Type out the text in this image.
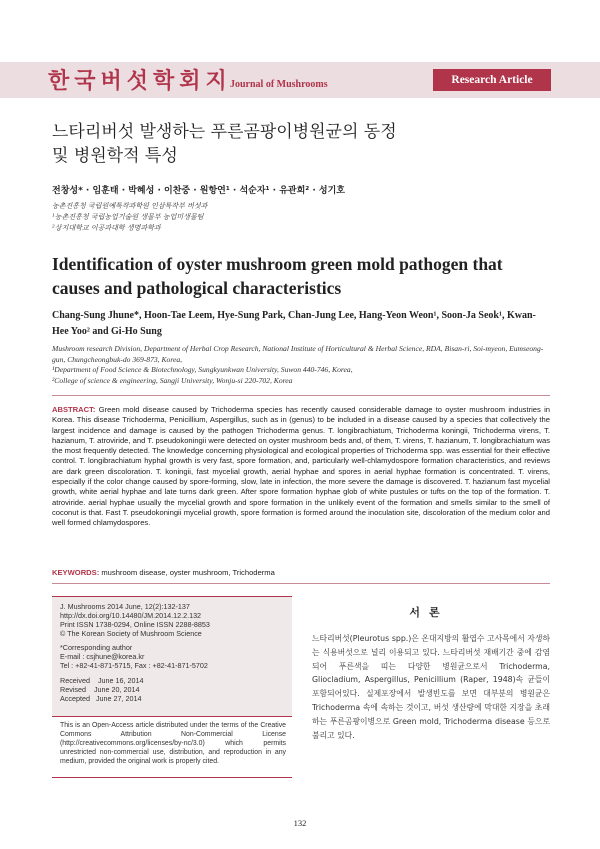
한국버섯학회지
Journal of Mushrooms	Research Article
느타리버섯 발생하는 푸른곰팡이병원균의 동정
및 병원학적 특성
전창성* · 임훈태 · 박혜성 · 이찬중 · 원항연¹ · 석순자¹ · 유관희² · 성기호
농촌진흥청 국립원예특작과학원 인삼특작부 버섯과
¹농촌진흥청 국립농업기술원 생물부 농업미생물팀
²상지대학교 이공과대학 생명과학과
Identification of oyster mushroom green mold pathogen that causes and pathological characteristics
Chang-Sung Jhune*, Hoon-Tae Leem, Hye-Sung Park, Chan-Jung Lee, Hang-Yeon Weon¹, Soon-Ja Seok¹, Kwan-Hee Yoo² and Gi-Ho Sung
Mushroom research Division, Department of Herbal Crop Research, National Institute of Horticultural & Herbal Science, RDA, Bisan-ri, Soi-myeon, Eumseong-gun, Chungcheongbuk-do 369-873, Korea,
¹Department of Food Science & Biotechnology, Sungkyunkwan University, Suwon 440-746, Korea,
²College of science & engineering, Sangji University, Wonju-si 220-702, Korea
ABSTRACT: Green mold disease caused by Trichoderma species has recently caused considerable damage to oyster mushroom industries in Korea. This disease Trichoderma, Penicillium, Aspergillus, such as in (genus) to be included in a disease caused by a species that collectively the largest incidence and damage is caused by the pathogen Trichoderma genus. T. longibrachiatum, Trichoderma koningii, Trichoderma virens, T. hazianum, T. atroviride, and T. pseudokoningii were detected on oyster mushroom beds and, of them, T. virens, T. hazianum, T. longibrachiatum was the most frequently detected. The knowledge concerning physiological and ecological properties of Trichoderma spp. was essential for their effective control. T. longibrachiatum hyphal growth is very fast, spore formation, and, particularly well-chlamydospore formation characteristics, and reviews are dark green discoloration. T. koningii, fast mycelial growth, aerial hyphae and spores in aerial hyphae formation is concentrated. T. virens, especially if the color change caused by spore-forming, slow, late in infection, the more severe the damage is discovered. T. hazianum fast mycelial growth, white aerial hyphae and late turns dark green. After spore formation hyphae glob of white pustules or tufts on the top of the formation. T. atroviride. aerial hyphae usually the mycelial growth and spore formation in the unlikely event of the formation and smells similar to the smell of coconut is that. Fast T. pseudokoningii mycelial growth, spore formation is formed around the inoculation site, discoloration of the medium color and well formed chlamydospores.
KEYWORDS: mushroom disease, oyster mushroom, Trichoderma
J. Mushrooms 2014 June, 12(2):132-137
http://dx.doi.org/10.14480/JM.2014.12.2.132
Print ISSN 1738-0294, Online ISSN 2288-8853
© The Korean Society of Mushroom Science
*Corresponding author
E-mail : csjhune@korea.kr
Tel : +82-41-871-5715, Fax : +82-41-871-5702
Received    June 16, 2014
Revised    June 20, 2014
Accepted   June 27, 2014
This is an Open-Access article distributed under the terms of the Creative Commons Attribution Non-Commercial License (http://creativecommons.org/licenses/by-nc/3.0) which permits unrestricted non-commercial use, distribution, and reproduction in any medium, provided the original work is properly cited.
서론
느타리버섯(Pleurotus spp.)은 온대지방의 활엽수 고사목에서 자생하는 식용버섯으로 널리 이용되고 있다. 느타리버섯 재배기간 중에 감염되어 푸른색을 띠는 다양한 병원균으로서 Trichoderma, Gliocladium, Aspergillus, Penicillium (Raper, 1948)속 균들이 포함되어있다. 실제포장에서 발생빈도를 보면 대부분의 병원균은 Trichoderma 속에 속하는 것이고, 버섯 생산량에 막대한 지장을 초래하는 푸른곰팡이병으로 Green mold, Trichoderma disease 등으로 불리고 있다.
132
